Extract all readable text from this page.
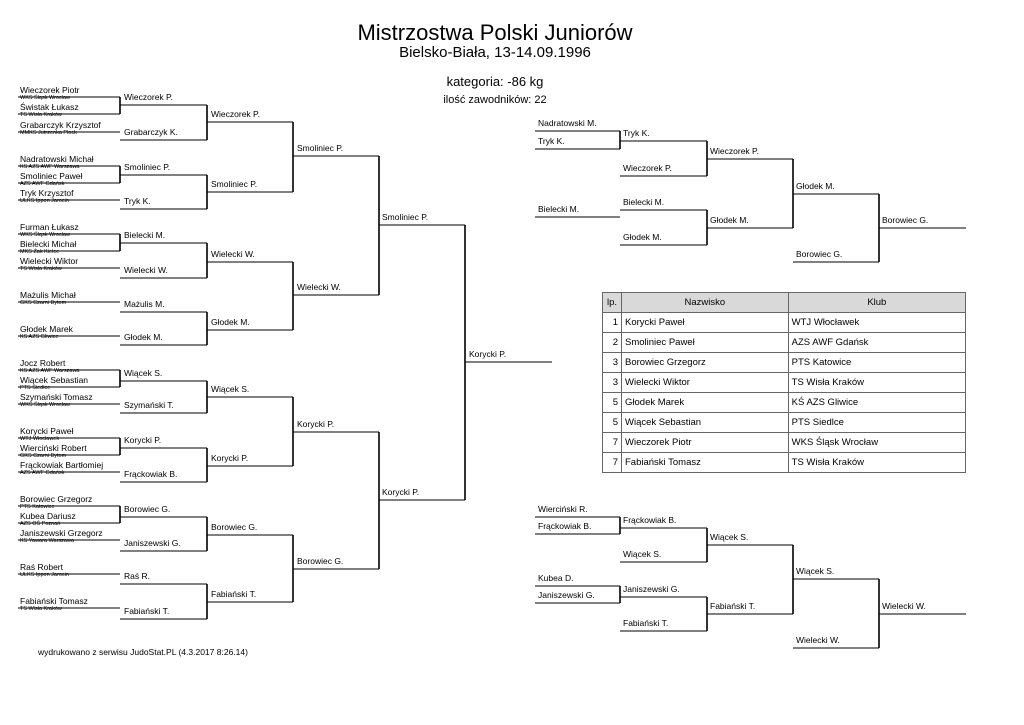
Mistrzostwa Polski Juniorów
Bielsko-Biała, 13-14.09.1996
kategoria: -86 kg
ilość zawodników: 22
Wieczorek Piotr
WKS Śląsk Wrocław
Świstak Łukasz
TS Wisła Kraków
Grabarczyk Krzysztof
MMKS Jutrzenka Płock
Nadratowski Michał
KS AZS AWF Warszawa
Smoliniec Paweł
AZS AWF Gdańsk
Tryk Krzysztof
ULKS Ippon Jarocin
Furman Łukasz
WKS Śląsk Wrocław
Bielecki Michał
MKS Żak Kielce
Wielecki Wiktor
TS Wisła Kraków
Mażulis Michał
GKS Czarni Bytom
Głodek Marek
KS AZS Gliwice
Jocz Robert
KS AZS AWF Warszawa
Wiącek Sebastian
PTS Siedlce
Szymański Tomasz
WKS Śląsk Wrocław
Korycki Paweł
WTJ Włocławek
Wierciński Robert
GKS Czarni Bytom
Frąckowiak Bartłomiej
AZS AWF Gdańsk
Borowiec Grzegorz
PTS Katowice
Kubea Dariusz
AZS OŚ Poznań
Janiszewski Grzegorz
KS Yawara Warszawa
Raś Robert
ULKS Ippon Jarocin
Fabiański Tomasz
TS Wisła Kraków
Wieczorek P.
Grabarczyk K.
Smoliniec P.
Tryk K.
Bielecki M.
Wielecki W.
Mażulis M.
Głodek M.
Wiącek S.
Szymański T.
Korycki P.
Frąckowiak B.
Borowiec G.
Janiszewski G.
Raś R.
Fabiański T.
Wieczorek P.
Smoliniec P.
Wielecki W.
Głodek M.
Wiącek S.
Korycki P.
Borowiec G.
Fabiański T.
Smoliniec P.
Wielecki W.
Korycki P.
Borowiec G.
Smoliniec P.
Korycki P.
Korycki P.
Nadratowski M.
Tryk K.
Tryk K.
Wieczorek P.
Wieczorek P.
Bielecki M.
Bielecki M.
Głodek M.
Głodek M.
Głodek M.
Borowiec G.
Borowiec G.
Wierciński R.
Frąckowiak B.
Frąckowiak B.
Wiącek S.
Wiącek S.
Kubea D.
Janiszewski G.
Janiszewski G.
Fabiański T.
Fabiański T.
Wiącek S.
Wielecki W.
Wielecki W.
lp.	Nazwisko	Klub
1	Korycki Paweł	WTJ Włocławek
2	Smoliniec Paweł	AZS AWF Gdańsk
3	Borowiec Grzegorz	PTS Katowice
3	Wielecki Wiktor	TS Wisła Kraków
5	Głodek Marek	KŚ AZS Gliwice
5	Wiącek Sebastian	PTS Siedlce
7	Wieczorek Piotr	WKS Śląsk Wrocław
7	Fabiański Tomasz	TS Wisła Kraków
wydrukowano z serwisu JudoStat.PL (4.3.2017 8:26.14)
